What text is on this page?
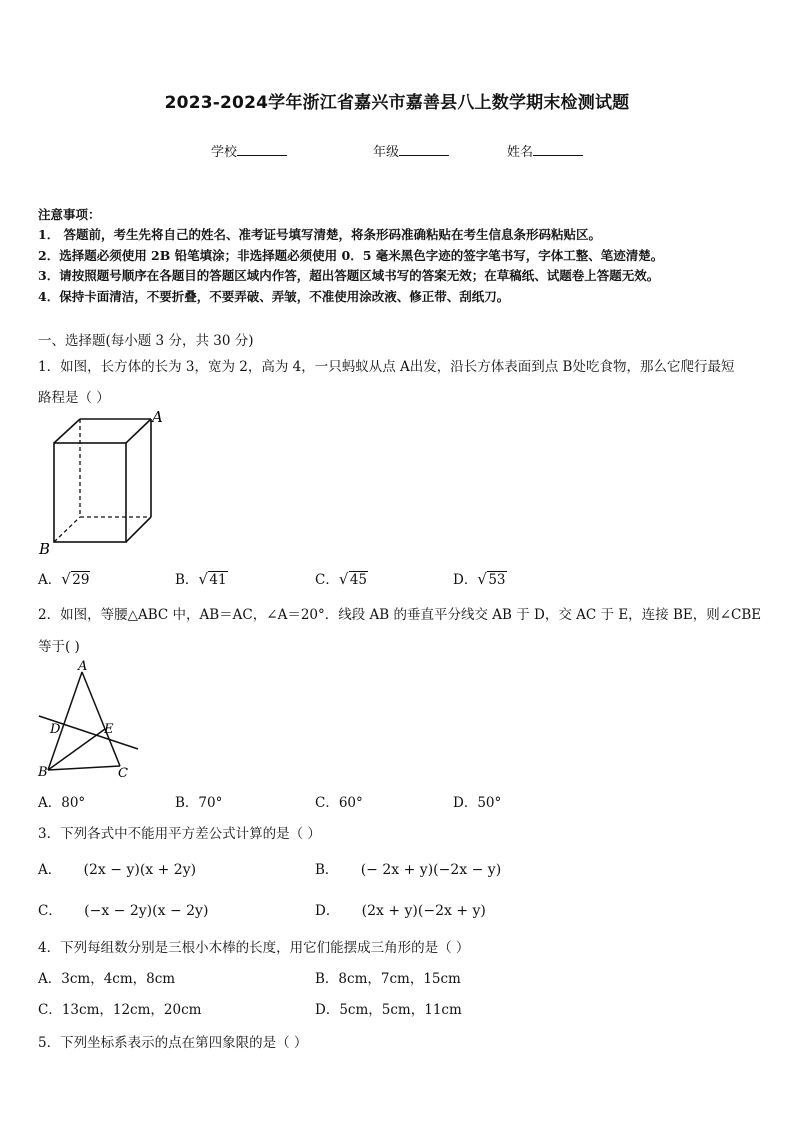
2023-2024学年浙江省嘉兴市嘉善县八上数学期末检测试题
学校	年级	姓名
注意事项：
1． 答题前，考生先将自己的姓名、准考证号填写清楚，将条形码准确粘贴在考生信息条形码粘贴区。
2．选择题必须使用 2B 铅笔填涂；非选择题必须使用 0．5 毫米黑色字迹的签字笔书写，字体工整、笔迹清楚。
3．请按照题号顺序在各题目的答题区域内作答，超出答题区域书写的答案无效；在草稿纸、试题卷上答题无效。
4．保持卡面清洁，不要折叠，不要弄破、弄皱，不准使用涂改液、修正带、刮纸刀。
一、选择题(每小题 3 分，共 30 分)
1．如图，长方体的长为 3，宽为 2，高为 4，一只蚂蚁从点 A出发，沿长方体表面到点 B处吃食物，那么它爬行最短
路程是（ ）
A
B
A． √ 29	B． √ 41	C． √ 45	D． √ 53
2．如图，等腰△ABC 中，AB＝AC，∠A＝20°．线段 AB 的垂直平分线交 AB 于 D，交 AC 于 E，连接 BE，则∠CBE
等于( )
A
B	C
D	E
A．80°	B．70°	C．60°	D．50°
3．下列各式中不能用平方差公式计算的是（ ）
A． (2x − y)(x + 2y)	B． (− 2x + y)(−2x − y)
C． (−x − 2y)(x − 2y)	D． (2x + y)(−2x + y)
4．下列每组数分别是三根小木棒的长度，用它们能摆成三角形的是（ ）
A．3cm，4cm，8cm	B．8cm，7cm，15cm
C．13cm，12cm，20cm	D．5cm，5cm，11cm
5．下列坐标系表示的点在第四象限的是（ ）
